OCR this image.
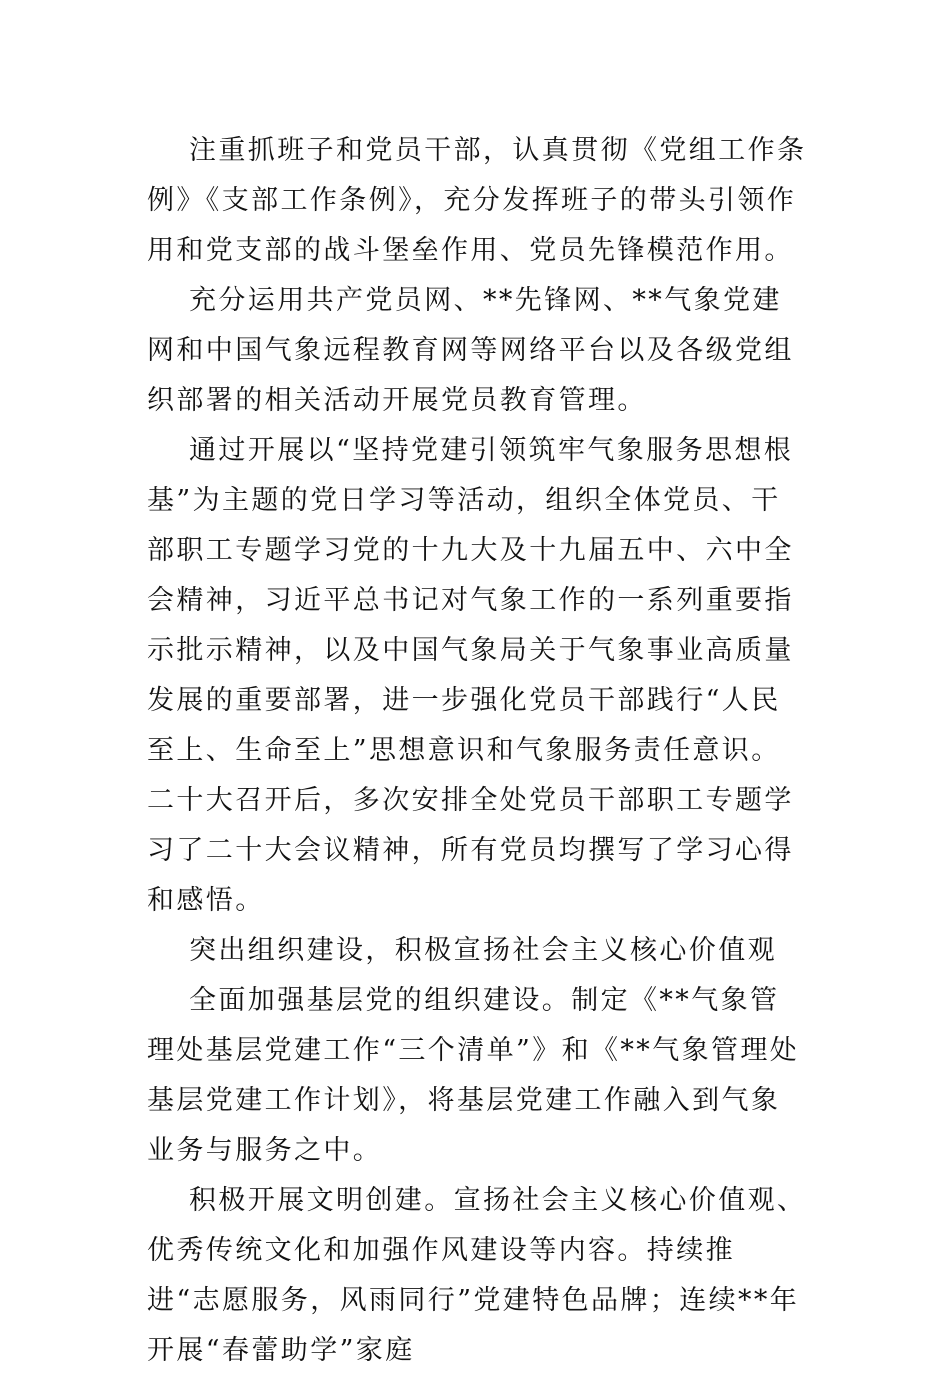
注重抓班子和党员干部，认真贯彻《党组工作条例》《支部工作条例》，充分发挥班子的带头引领作用和党支部的战斗堡垒作用、党员先锋模范作用。

充分运用共产党员网、**先锋网、**气象党建网和中国气象远程教育网等网络平台以及各级党组织部署的相关活动开展党员教育管理。

通过开展以“坚持党建引领筑牢气象服务思想根基”为主题的党日学习等活动，组织全体党员、干部职工专题学习党的十九大及十九届五中、六中全会精神，习近平总书记对气象工作的一系列重要指示批示精神，以及中国气象局关于气象事业高质量发展的重要部署，进一步强化党员干部践行“人民至上、生命至上”思想意识和气象服务责任意识。二十大召开后，多次安排全处党员干部职工专题学习了二十大会议精神，所有党员均撰写了学习心得和感悟。

突出组织建设，积极宣扬社会主义核心价值观

全面加强基层党的组织建设。制定《**气象管理处基层党建工作“三个清单”》和《**气象管理处基层党建工作计划》，将基层党建工作融入到气象业务与服务之中。

积极开展文明创建。宣扬社会主义核心价值观、优秀传统文化和加强作风建设等内容。持续推进“志愿服务，风雨同行”党建特色品牌；连续**年开展“春蕾助学”家庭
